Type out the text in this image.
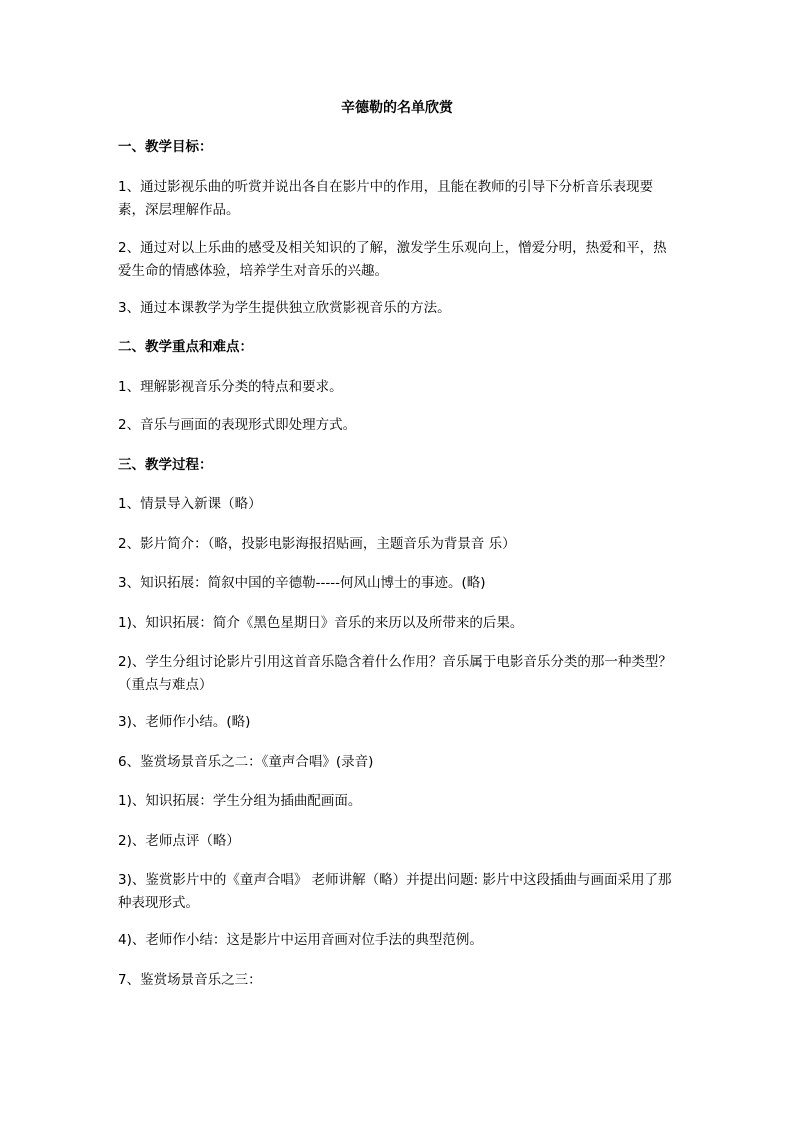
辛德勒的名单欣赏
一、教学目标：
1、通过影视乐曲的听赏并说出各自在影片中的作用，且能在教师的引导下分析音乐表现要素，深层理解作品。
2、通过对以上乐曲的感受及相关知识的了解，激发学生乐观向上，憎爱分明，热爱和平，热爱生命的情感体验，培养学生对音乐的兴趣。
3、通过本课教学为学生提供独立欣赏影视音乐的方法。
二、教学重点和难点：
1、理解影视音乐分类的特点和要求。
2、音乐与画面的表现形式即处理方式。
三、教学过程：
1、情景导入新课（略）
2、影片简介：（略，投影电影海报招贴画，主题音乐为背景音 乐）
3、知识拓展：简叙中国的辛德勒-----何风山博士的事迹。(略)
1)、知识拓展：简介《黑色星期日》音乐的来历以及所带来的后果。
2)、学生分组讨论影片引用这首音乐隐含着什么作用？音乐属于电影音乐分类的那一种类型？（重点与难点）
3)、老师作小结。(略)
6、鉴赏场景音乐之二：《童声合唱》(录音)
1)、知识拓展：学生分组为插曲配画面。
2)、老师点评（略）
3)、鉴赏影片中的《童声合唱》 老师讲解（略）并提出问题: 影片中这段插曲与画面采用了那种表现形式。
4)、老师作小结：这是影片中运用音画对位手法的典型范例。
7、鉴赏场景音乐之三：
